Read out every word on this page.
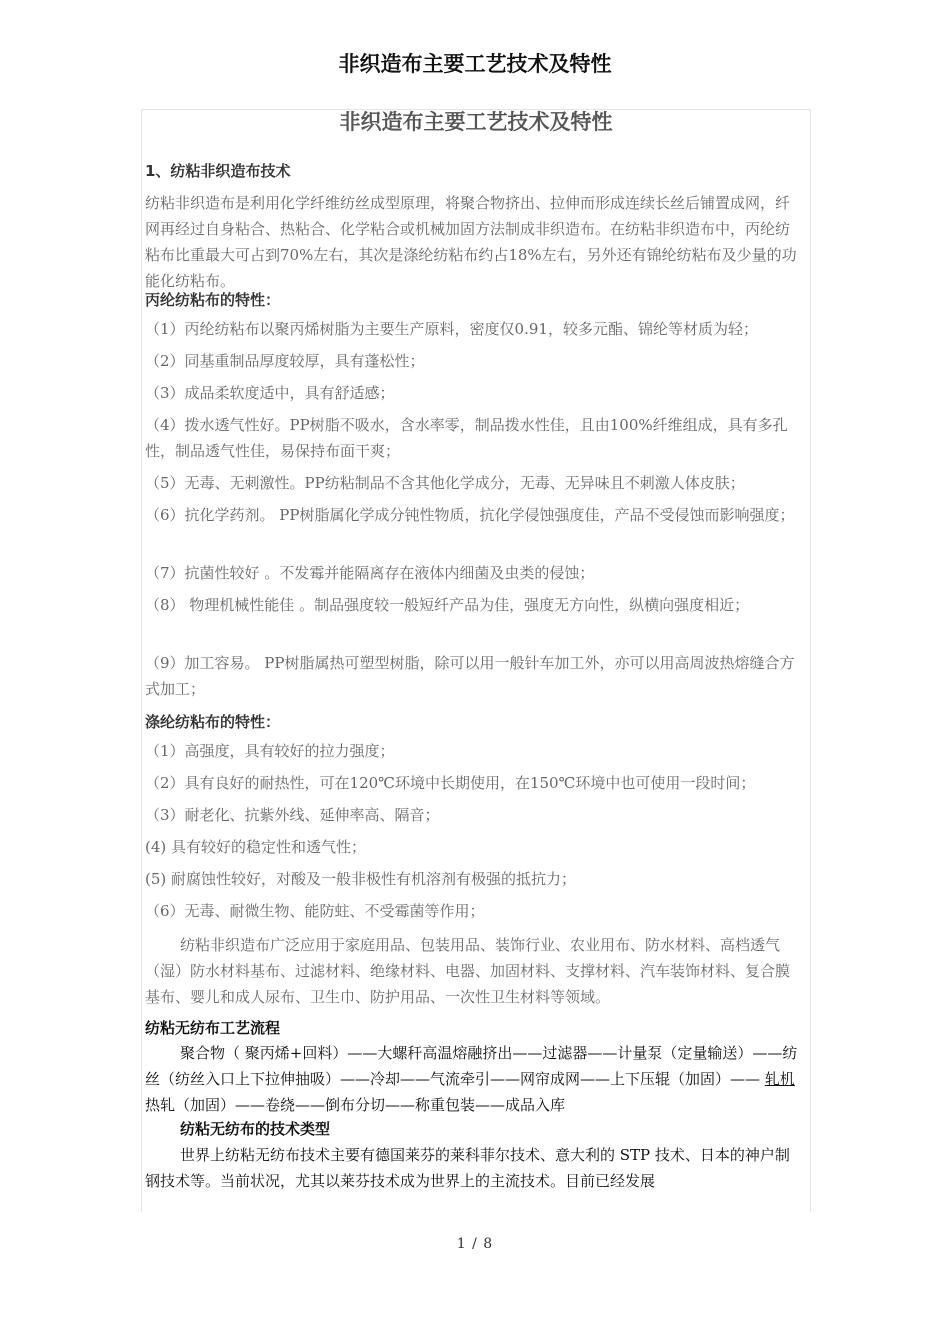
非织造布主要工艺技术及特性
非织造布主要工艺技术及特性

1、纺粘非织造布技术

纺粘非织造布是利用化学纤维纺丝成型原理，将聚合物挤出、拉伸而形成连续长丝后铺置成网，纤网再经过自身粘合、热粘合、化学粘合或机械加固方法制成非织造布。在纺粘非织造布中，丙纶纺粘布比重最大可占到70%左右，其次是涤纶纺粘布约占18%左右，另外还有锦纶纺粘布及少量的功能化纺粘布。

丙纶纺粘布的特性：

（1）丙纶纺粘布以聚丙烯树脂为主要生产原料，密度仅0.91，较多元酯、锦纶等材质为轻；

（2）同基重制品厚度较厚，具有蓬松性；

（3）成品柔软度适中，具有舒适感；

（4）拨水透气性好。PP树脂不吸水，含水率零，制品拨水性佳，且由100%纤维组成，具有多孔性，制品透气性佳，易保持布面干爽；

（5）无毒、无刺激性。PP纺粘制品不含其他化学成分，无毒、无异味且不刺激人体皮肤；

（6）抗化学药剂。 PP树脂属化学成分钝性物质，抗化学侵蚀强度佳，产品不受侵蚀而影响强度；

（7）抗菌性较好 。不发霉并能隔离存在液体内细菌及虫类的侵蚀；

（8） 物理机械性能佳 。制品强度较一般短纤产品为佳，强度无方向性，纵横向强度相近；

（9）加工容易。 PP树脂属热可塑型树脂，除可以用一般针车加工外，亦可以用高周波热熔缝合方式加工；

涤纶纺粘布的特性：

（1）高强度，具有较好的拉力强度；

（2）具有良好的耐热性，可在120℃环境中长期使用，在150℃环境中也可使用一段时间；

（3）耐老化、抗紫外线、延伸率高、隔音；

(4) 具有较好的稳定性和透气性；

(5) 耐腐蚀性较好，对酸及一般非极性有机溶剂有极强的抵抗力；

（6）无毒、耐微生物、能防蛀、不受霉菌等作用；

纺粘非织造布广泛应用于家庭用品、包装用品、装饰行业、农业用布、防水材料、高档透气（湿）防水材料基布、过滤材料、绝缘材料、电器、加固材料、支撑材料、汽车装饰材料、复合膜基布、婴儿和成人尿布、卫生巾、防护用品、一次性卫生材料等领域。

纺粘无纺布工艺流程

聚合物（ 聚丙烯+回料）——大螺秆高温熔融挤出——过滤器——计量泵（定量输送）——纺丝（纺丝入口上下拉伸抽吸）——冷却——气流牵引——网帘成网——上下压辊（加固）—— 轧机热轧（加固）——卷绕——倒布分切——称重包装——成品入库

纺粘无纺布的技术类型

世界上纺粘无纺布技术主要有德国莱芬的莱科菲尔技术、意大利的 STP 技术、日本的神户制钢技术等。当前状况，尤其以莱芬技术成为世界上的主流技术。目前已经发展

1 / 8
